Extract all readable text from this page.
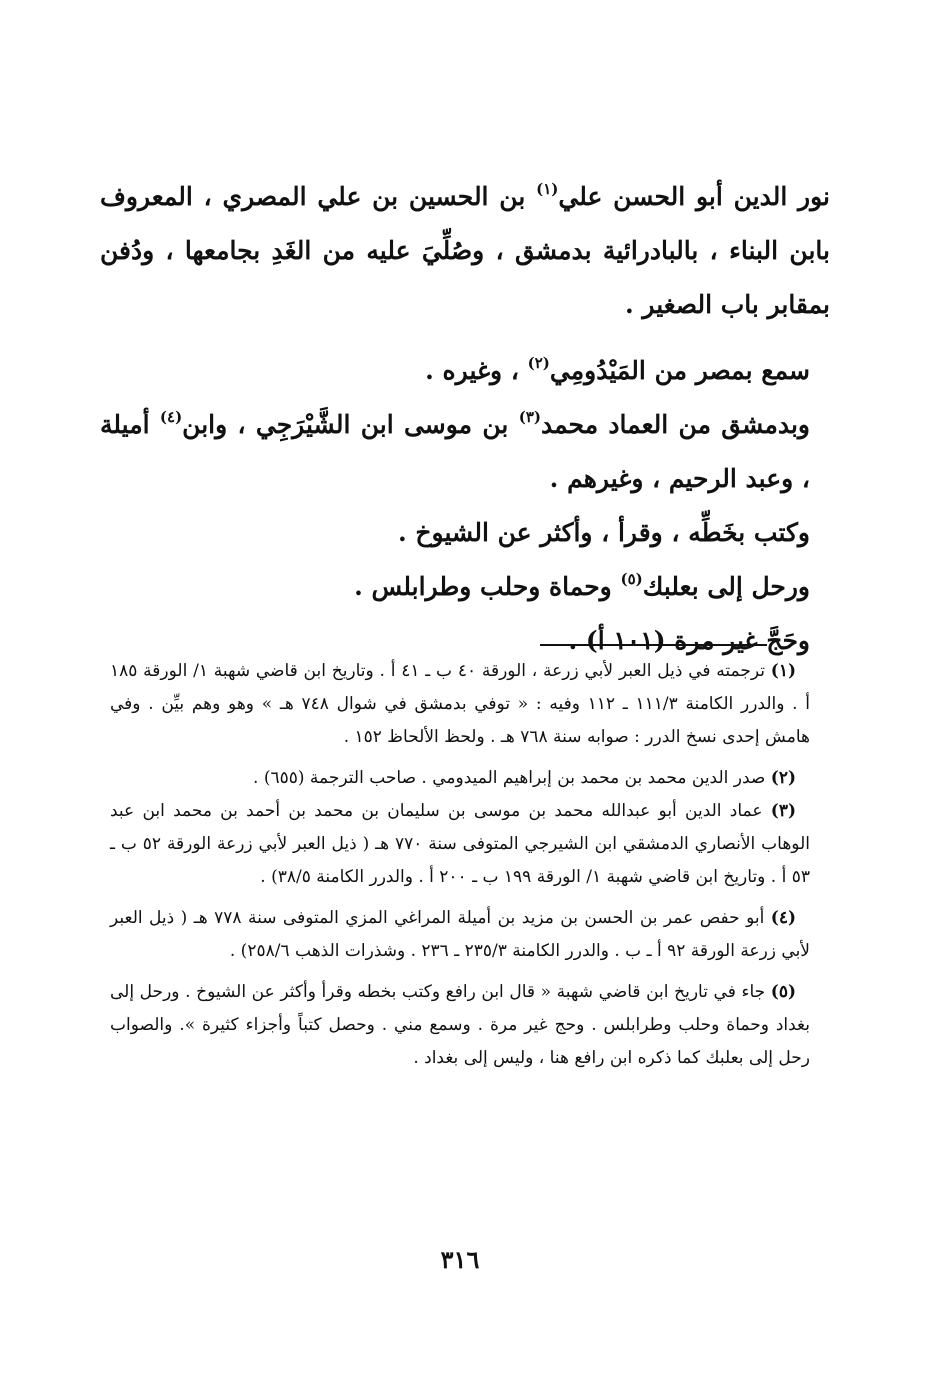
نور الدين أبو الحسن علي$^{(١)}$ بن الحسين بن علي المصري ، المعروف بابن البناء ، بالبادرائية بدمشق ، وصُلِّيَ عليه من الغَدِ بجامعها ، ودُفن بمقابر باب الصغير .

سمع بمصر من المَيْدُومِي$^{(٢)}$ ، وغيره .

وبدمشق من العماد محمد$^{(٣)}$ بن موسى ابن الشَّيْرَجِي ، وابن$^{(٤)}$ أميلة ، وعبد الرحيم ، وغيرهم .

وكتب بخَطِّه ، وقرأ ، وأكثر عن الشيوخ .

ورحل إلى بعلبك$^{(٥)}$ وحماة وحلب وطرابلس .

وحَجَّ غير مرة (١٠١ أ) .

(١) ترجمته في ذيل العبر لأبي زرعة ، الورقة ٤٠ ب ـ ٤١ أ . وتاريخ ابن قاضي شهبة ١/ الورقة ١٨٥ أ . والدرر الكامنة ١١١/٣ ـ ١١٢ وفيه : « توفي بدمشق في شوال ٧٤٨ هـ » وهو وهم بيِّن . وفي هامش إحدى نسخ الدرر : صوابه سنة ٧٦٨ هـ . ولحظ الألحاظ ١٥٢ .

(٢) صدر الدين محمد بن محمد بن إبراهيم الميدومي . صاحب الترجمة (٦٥٥) .

(٣) عماد الدين أبو عبدالله محمد بن موسى بن سليمان بن محمد بن أحمد بن محمد ابن عبد الوهاب الأنصاري الدمشقي ابن الشيرجي المتوفى سنة ٧٧٠ هـ ( ذيل العبر لأبي زرعة الورقة ٥٢ ب ـ ٥٣ أ . وتاريخ ابن قاضي شهبة ١/ الورقة ١٩٩ ب ـ ٢٠٠ أ . والدرر الكامنة ٣٨/٥) .

(٤) أبو حفص عمر بن الحسن بن مزيد بن أميلة المراغي المزي المتوفى سنة ٧٧٨ هـ ( ذيل العبر لأبي زرعة الورقة ٩٢ أ ـ ب . والدرر الكامنة ٢٣٥/٣ ـ ٢٣٦ . وشذرات الذهب ٢٥٨/٦) .

(٥) جاء في تاريخ ابن قاضي شهبة « قال ابن رافع وكتب بخطه وقرأ وأكثر عن الشيوخ . ورحل إلى بغداد وحماة وحلب وطرابلس . وحج غير مرة . وسمع مني . وحصل كتباً وأجزاء كثيرة ». والصواب رحل إلى بعلبك كما ذكره ابن رافع هنا ، وليس إلى بغداد .

٣١٦
